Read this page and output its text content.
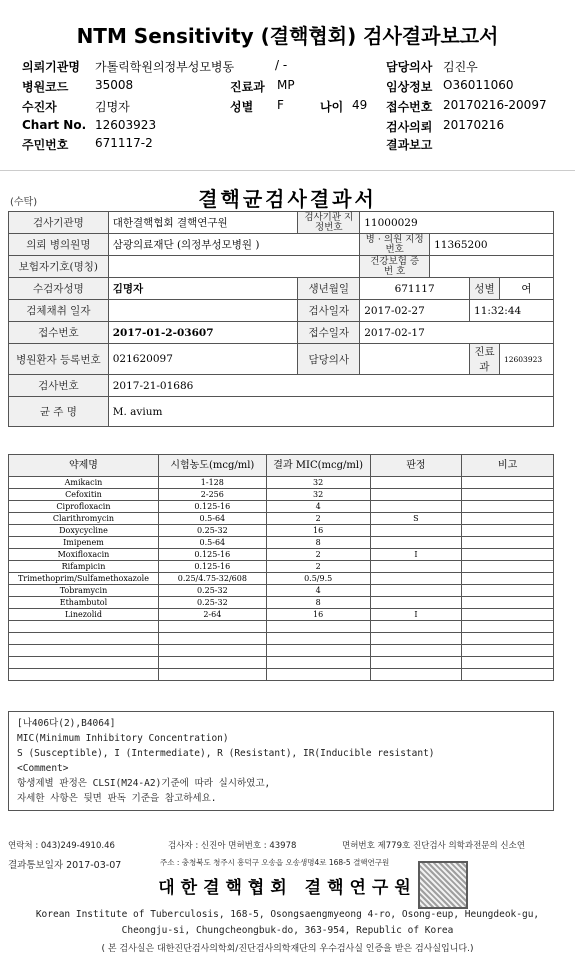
NTM Sensitivity (결핵협회) 검사결과보고서
의뢰기관명 가톨릭학원의정부성모병동	/ -	담당의사 김진우
병원코드 35008	진료과 MP	임상정보 O36011060
수진자	김명자	성별 F	나이 49 접수번호 20170216-20097
Chart No. 12603923	검사의뢰 20170216
주민번호 671117-2	결과보고
(수탁)	결핵균검사결과서
검사기관명	대한결핵협회 결핵연구원	검사기관 지정번호	11000029			
의뢰 병의원명	삼광의료재단 (의정부성모병원 )		병 · 의원 지정번호	11365200		
보험자기호(명칭)			건강보험 증 번 호			
수검자성명	김명자	생년월일	671117		성별	여
검체채취 일자		검사일자	2017-02-27		11:32:44	
접수번호	2017-01-2-03607	접수일자	2017-02-17			
병원환자 등록번호	021620097	담당의사			진료과	12603923
검사번호	2017-21-01686					
균 주 명	M. avium					
약제명	시험농도(mcg/ml)	결과 MIC(mcg/ml)	판정	비고
Amikacin	1-128	32		
Cefoxitin	2-256	32		
Ciprofloxacin	0.125-16	4		
Clarithromycin	0.5-64	2	S	
Doxycycline	0.25-32	16		
Imipenem	0.5-64	8		
Moxifloxacin	0.125-16	2	I	
Rifampicin	0.125-16	2		
Trimethoprim/Sulfamethoxazole	0.25/4.75-32/608	0.5/9.5		
Tobramycin	0.25-32	4		
Ethambutol	0.25-32	8		
Linezolid	2-64	16	I	

[나406다(2),B4064]
MIC(Minimum Inhibitory Concentration)
S (Susceptible), I (Intermediate), R (Resistant), IR(Inducible resistant)
<Comment>
항생제별 판정은 CLSI(M24-A2)기준에 따라 실시하였고,
자세한 사항은 뒷면 판독 기준을 참고하세요.
연락처 : 043)249-4910.46	검사자 : 신진아 면허번호 : 43978	면허번호 제779호 진단검사 의학과전문의 신소연
결과통보일자 2017-03-07	주소 : 충청북도 청주시 흥덕구 오송읍 오송생명4로 168-5 결핵연구원
대한결핵협회 결핵연구원
Korean Institute of Tuberculosis, 168-5, Osongsaengmyeong 4-ro, Osong-eup, Heungdeok-gu,
Cheongju-si, Chungcheongbuk-do, 363-954, Republic of Korea
( 본 검사실은 대한진단검사의학회/진단검사의학재단의 우수검사실 인증을 받은 검사실입니다.)
